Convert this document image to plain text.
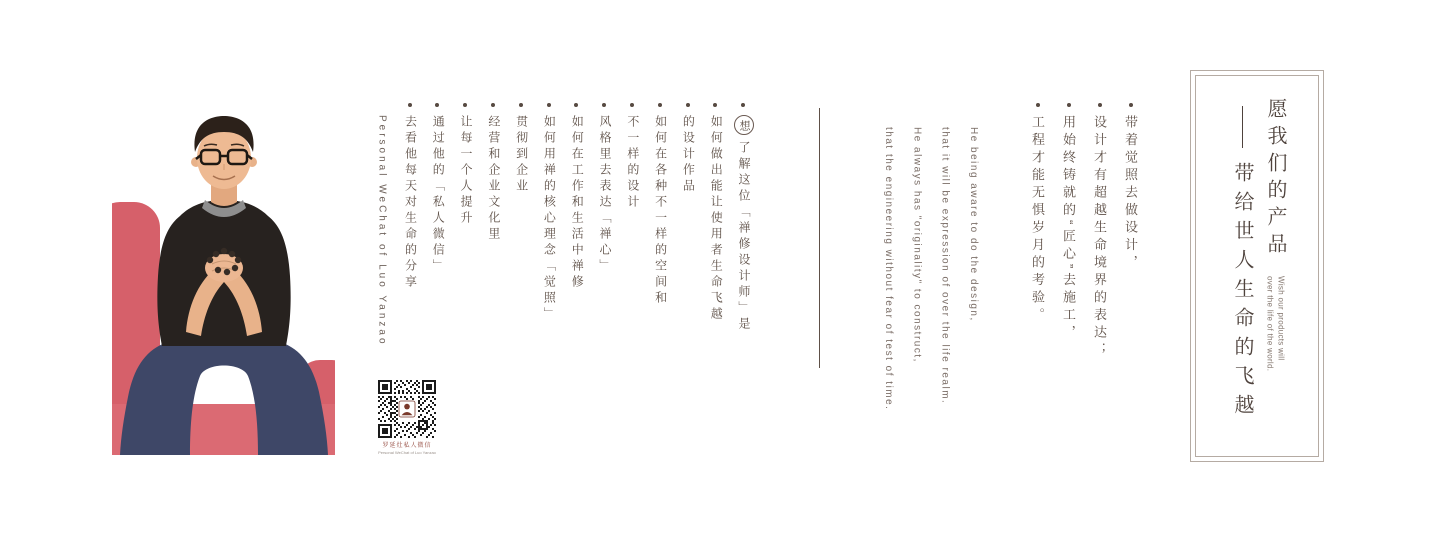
罗延灶私人微信
Personal WeChat of Luo Yanzao
想了解这位「禅修设计师」是
如何做出能让使用者生命飞越
的设计作品
如何在各种不一样的空间和
不一样的设计
风格里去表达「禅心」
如何在工作和生活中禅修
如何用禅的核心理念「觉照」
贯彻到企业
经营和企业文化里
让每一个人提升
通过他的「私人微信」
去看他每天对生命的分享
Personal WeChat of Luo Yanzao	He being aware to do the design,
that it will be expression of over the life realm.
He always has "originality" to construct,
that the engineering without fear of test of time.	带着觉照去做设计，
设计才有超越生命境界的表达；
用始终铸就的“匠心”去施工，
工程才能无惧岁月的考验。	愿我们的产品
Wish our products will
over the life of the world.
带给世人生命的飞越
